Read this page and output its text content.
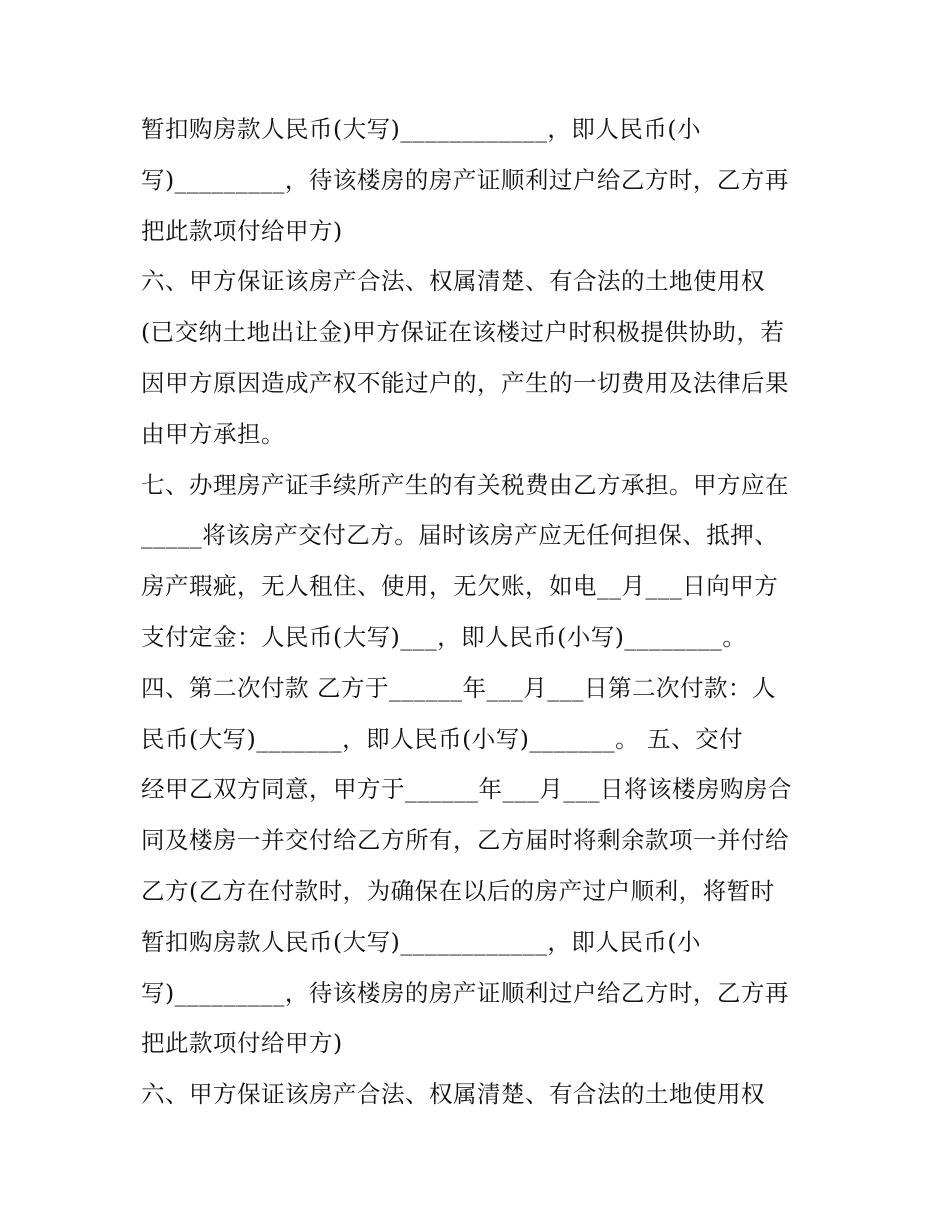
暂扣购房款人民币(大写)____________，即人民币(小
写)_________，待该楼房的房产证顺利过户给乙方时，乙方再
把此款项付给甲方)
六、甲方保证该房产合法、权属清楚、有合法的土地使用权
(已交纳土地出让金)甲方保证在该楼过户时积极提供协助，若
因甲方原因造成产权不能过户的，产生的一切费用及法律后果
由甲方承担。
七、办理房产证手续所产生的有关税费由乙方承担。甲方应在
_____将该房产交付乙方。届时该房产应无任何担保、抵押、
房产瑕疵，无人租住、使用，无欠账，如电__月___日向甲方
支付定金：人民币(大写)___，即人民币(小写)________。
四、第二次付款 乙方于______年___月___日第二次付款：人
民币(大写)_______，即人民币(小写)_______。 五、交付
经甲乙双方同意，甲方于______年___月___日将该楼房购房合
同及楼房一并交付给乙方所有，乙方届时将剩余款项一并付给
乙方(乙方在付款时，为确保在以后的房产过户顺利，将暂时
暂扣购房款人民币(大写)____________，即人民币(小
写)_________，待该楼房的房产证顺利过户给乙方时，乙方再
把此款项付给甲方)
六、甲方保证该房产合法、权属清楚、有合法的土地使用权
